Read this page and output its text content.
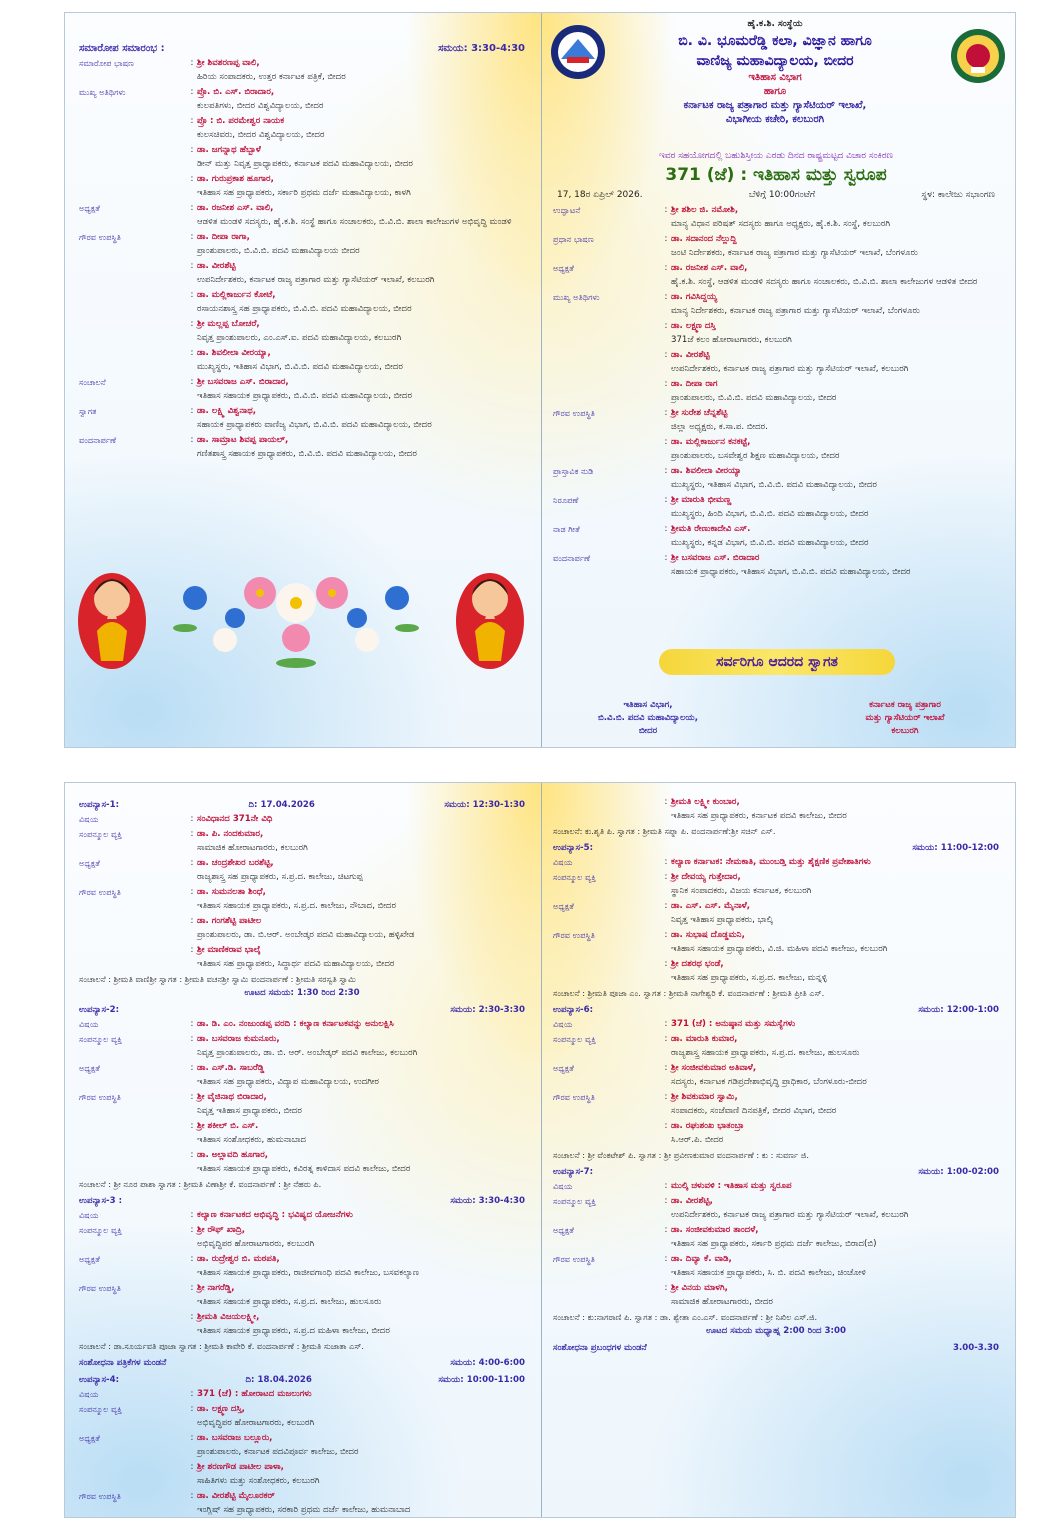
ಸಮಾರೋಪ ಸಮಾರಂಭ :	ಸಮಯ: 3:30-4:30
ಸಮಾರೋಪ ಭಾಷಣ	: ಶ್ರೀ ಶಿವಶರಣಪ್ಪ ವಾಲಿ,
ಹಿರಿಯ ಸಂಪಾದಕರು, ಉತ್ತರ ಕರ್ನಾಟಕ ಪತ್ರಿಕೆ, ಬೀದರ
ಮುಖ್ಯ ಅತಿಥಿಗಳು	: ಪ್ರೊ. ಬಿ. ಎಸ್. ಬಿರಾದಾರ,
ಕುಲಪತಿಗಳು, ಬೀದರ ವಿಶ್ವವಿದ್ಯಾಲಯ, ಬೀದರ
: ಪ್ರೊ : ಬಿ. ಪರಮೇಶ್ವರ ನಾಯಕ
ಕುಲಸಚಿವರು, ಬೀದರ ವಿಶ್ವವಿದ್ಯಾಲಯ, ಬೀದರ
: ಡಾ. ಜಗನ್ನಾಥ ಹೆಬ್ಬಾಳೆ
ಡೀನ್ ಮತ್ತು ನಿವೃತ್ತ ಪ್ರಾಧ್ಯಾಪಕರು, ಕರ್ನಾಟಕ ಪದವಿ ಮಹಾವಿದ್ಯಾಲಯ, ಬೀದರ
: ಡಾ. ಗುರುಪ್ರಕಾಶ ಹೂಗಾರ,
ಇತಿಹಾಸ ಸಹ ಪ್ರಾಧ್ಯಾಪಕರು, ಸರ್ಕಾರಿ ಪ್ರಥಮ ದರ್ಜೆ ಮಹಾವಿದ್ಯಾಲಯ, ಕಾಳಗಿ
ಅಧ್ಯಕ್ಷತೆ	: ಡಾ. ರಜನೀಶ ಎಸ್. ವಾಲಿ,
ಆಡಳಿತ ಮಂಡಳಿ ಸದಸ್ಯರು, ಹೈ.ಕ.ಶಿ. ಸಂಸ್ಥೆ ಹಾಗೂ ಸಂಚಾಲಕರು, ಬಿ.ವಿ.ಬಿ. ಶಾಲಾ ಕಾಲೇಜುಗಳ ಅಭಿವೃದ್ಧಿ ಮಂಡಳಿ
ಗೌರವ ಉಪಸ್ಥಿತಿ	: ಡಾ. ದೀಪಾ ರಾಗಾ,
ಪ್ರಾಂಶುಪಾಲರು, ಬಿ.ವಿ.ಬಿ. ಪದವಿ ಮಹಾವಿದ್ಯಾಲಯ ಬೀದರ
: ಡಾ. ವೀರಶೆಟ್ಟಿ
ಉಪನಿರ್ದೇಶಕರು, ಕರ್ನಾಟಕ ರಾಜ್ಯ ಪತ್ರಾಗಾರ ಮತ್ತು ಗ್ಯಾಸೆಟಿಯರ್ ಇಲಾಖೆ, ಕಲಬುರಗಿ
: ಡಾ. ಮಲ್ಲಿಕಾರ್ಜುನ ಕೋಟೆ,
ರಸಾಯನಶಾಸ್ತ್ರ ಸಹ ಪ್ರಾಧ್ಯಾಪಕರು, ಬಿ.ವಿ.ಬಿ. ಪದವಿ ಮಹಾವಿದ್ಯಾಲಯ, ಬೀದರ
: ಶ್ರೀ ಮಲ್ಲಪ್ಪ ಬೋಚರೆ,
ನಿವೃತ್ತ ಪ್ರಾಂಶುಪಾಲರು, ಎಂ.ಎಸ್.ಐ. ಪದವಿ ಮಹಾವಿದ್ಯಾಲಯ, ಕಲಬುರಗಿ
: ಡಾ. ಶಿವಲೀಲಾ ವೀರಯ್ಯಾ,
ಮುಖ್ಯಸ್ಥರು, ಇತಿಹಾಸ ವಿಭಾಗ, ಬಿ.ವಿ.ಬಿ. ಪದವಿ ಮಹಾವಿದ್ಯಾಲಯ, ಬೀದರ
ಸಂಚಾಲನೆ	: ಶ್ರೀ ಬಸವರಾಜ ಎಸ್. ಬಿರಾದಾರ,
ಇತಿಹಾಸ ಸಹಾಯಕ ಪ್ರಾಧ್ಯಾಪಕರು, ಬಿ.ವಿ.ಬಿ. ಪದವಿ ಮಹಾವಿದ್ಯಾಲಯ, ಬೀದರ
ಸ್ವಾಗತ	: ಡಾ. ಲಕ್ಷ್ಮಿ ವಿಶ್ವನಾಥ,
ಸಹಾಯಕ ಪ್ರಾಧ್ಯಾಪಕರು ವಾಣಿಜ್ಯ ವಿಭಾಗ, ಬಿ.ವಿ.ಬಿ. ಪದವಿ ಮಹಾವಿದ್ಯಾಲಯ, ಬೀದರ
ವಂದನಾರ್ಪಣೆ	: ಡಾ. ಸಾಮ್ರಾಟ ಶಿವಪ್ಪ ಪಾಯಲ್,
ಗಣಿತಶಾಸ್ತ್ರ ಸಹಾಯಕ ಪ್ರಾಧ್ಯಾಪಕರು, ಬಿ.ವಿ.ಬಿ. ಪದವಿ ಮಹಾವಿದ್ಯಾಲಯ, ಬೀದರ
ಹೈ.ಕ.ಶಿ. ಸಂಸ್ಥೆಯ
ಬಿ. ವಿ. ಭೂಮರೆಡ್ಡಿ ಕಲಾ, ವಿಜ್ಞಾನ ಹಾಗೂ
ವಾಣಿಜ್ಯ ಮಹಾವಿದ್ಯಾಲಯ, ಬೀದರ
ಇತಿಹಾಸ ವಿಭಾಗ
ಹಾಗೂ
ಕರ್ನಾಟಕ ರಾಜ್ಯ ಪತ್ರಾಗಾರ ಮತ್ತು ಗ್ಯಾಸೆಟಿಯರ್ ಇಲಾಖೆ,
ವಿಭಾಗೀಯ ಕಚೇರಿ, ಕಲಬುರಗಿ
ಇವರ ಸಹಯೋಗದಲ್ಲಿ ಬಹುಶಿಸ್ತೀಯ ಎರಡು ದಿನದ ರಾಷ್ಟ್ರಮಟ್ಟದ ವಿಚಾರ ಸಂಕಿರಣ
371 (ಜೆ) : ಇತಿಹಾಸ ಮತ್ತು ಸ್ವರೂಪ
17, 18ರ ಏಪ್ರಿಲ್ 2026.	ಬೆಳಿಗ್ಗೆ 10:00ಗಂಟೆಗೆ	ಸ್ಥಳ: ಕಾಲೇಜು ಸಭಾಂಗಣ
ಉದ್ಘಾಟನೆ	: ಶ್ರೀ ಶಶಿಲ ಜಿ. ನಮೋಶಿ,
ಮಾನ್ಯ ವಿಧಾನ ಪರಿಷತ್ ಸದಸ್ಯರು ಹಾಗೂ ಅಧ್ಯಕ್ಷರು, ಹೈ.ಕ.ಶಿ. ಸಂಸ್ಥೆ, ಕಲಬುರಗಿ
ಪ್ರಧಾನ ಭಾಷಣ	: ಡಾ. ಸದಾನಂದ ನೆಲ್ಲುದ್ದಿ
ಜಂಟಿ ನಿರ್ದೇಶಕರು, ಕರ್ನಾಟಕ ರಾಜ್ಯ ಪತ್ರಾಗಾರ ಮತ್ತು ಗ್ಯಾಸೆಟಿಯರ್ ಇಲಾಖೆ, ಬೆಂಗಳೂರು
ಅಧ್ಯಕ್ಷತೆ	: ಡಾ. ರಜನೀಶ ಎಸ್. ವಾಲಿ,
ಹೈ.ಕ.ಶಿ. ಸಂಸ್ಥೆ, ಆಡಳಿತ ಮಂಡಳಿ ಸದಸ್ಯರು ಹಾಗೂ ಸಂಚಾಲಕರು, ಬಿ.ವಿ.ಬಿ. ಶಾಲಾ ಕಾಲೇಜುಗಳ ಆಡಳಿತ ಬೀದರ
ಮುಖ್ಯ ಅತಿಥಿಗಳು	: ಡಾ. ಗವಿಸಿದ್ದಯ್ಯ
ಮಾನ್ಯ ನಿರ್ದೇಶಕರು, ಕರ್ನಾಟಕ ರಾಜ್ಯ ಪತ್ರಾಗಾರ ಮತ್ತು ಗ್ಯಾಸೆಟಿಯರ್ ಇಲಾಖೆ, ಬೆಂಗಳೂರು
: ಡಾ. ಲಕ್ಷ್ಮಣ ದಸ್ತಿ
371ಜೆ ಕಲಂ ಹೋರಾಟಗಾರರು, ಕಲಬುರಗಿ
: ಡಾ. ವೀರಶೆಟ್ಟಿ
ಉಪನಿರ್ದೇಶಕರು, ಕರ್ನಾಟಕ ರಾಜ್ಯ ಪತ್ರಾಗಾರ ಮತ್ತು ಗ್ಯಾಸೆಟಿಯರ್ ಇಲಾಖೆ, ಕಲಬುರಗಿ
: ಡಾ. ದೀಪಾ ರಾಗ
ಪ್ರಾಂಶುಪಾಲರು, ಬಿ.ವಿ.ಬಿ. ಪದವಿ ಮಹಾವಿದ್ಯಾಲಯ, ಬೀದರ
ಗೌರವ ಉಪಸ್ಥಿತಿ	: ಶ್ರೀ ಸುರೇಶ ಚೆನ್ನಶೆಟ್ಟಿ
ಜಿಲ್ಲಾ ಅಧ್ಯಕ್ಷರು, ಕ.ಸಾ.ಪ. ಬೀದರ.
: ಡಾ. ಮಲ್ಲಿಕಾರ್ಜುನ ಕನಕಟ್ಟೆ,
ಪ್ರಾಂಶುಪಾಲರು, ಬಸವೇಶ್ವರ ಶಿಕ್ಷಣ ಮಹಾವಿದ್ಯಾಲಯ, ಬೀದರ
ಪ್ರಾಸ್ತಾವಿಕ ನುಡಿ	: ಡಾ. ಶಿವಲೀಲಾ ವೀರಯ್ಯಾ
ಮುಖ್ಯಸ್ಥರು, ಇತಿಹಾಸ ವಿಭಾಗ, ಬಿ.ವಿ.ಬಿ. ಪದವಿ ಮಹಾವಿದ್ಯಾಲಯ, ಬೀದರ
ನಿರೂಪಣೆ	: ಶ್ರೀ ಮಾರುತಿ ಭೀಮಣ್ಣ
ಮುಖ್ಯಸ್ಥರು, ಹಿಂದಿ ವಿಭಾಗ, ಬಿ.ವಿ.ಬಿ. ಪದವಿ ಮಹಾವಿದ್ಯಾಲಯ, ಬೀದರ
ನಾಡ ಗೀತೆ	: ಶ್ರೀಮತಿ ರೇಣುಕಾದೇವಿ ಎಸ್.
ಮುಖ್ಯಸ್ಥರು, ಕನ್ನಡ ವಿಭಾಗ, ಬಿ.ವಿ.ಬಿ. ಪದವಿ ಮಹಾವಿದ್ಯಾಲಯ, ಬೀದರ
ವಂದನಾರ್ಪಣೆ	: ಶ್ರೀ ಬಸವರಾಜ ಎಸ್. ಬಿರಾದಾರ
ಸಹಾಯಕ ಪ್ರಾಧ್ಯಾಪಕರು, ಇತಿಹಾಸ ವಿಭಾಗ, ಬಿ.ವಿ.ಬಿ. ಪದವಿ ಮಹಾವಿದ್ಯಾಲಯ, ಬೀದರ
ಸರ್ವರಿಗೂ ಆದರದ ಸ್ವಾಗತ
ಇತಿಹಾಸ ವಿಭಾಗ,
ಬಿ.ವಿ.ಬಿ. ಪದವಿ ಮಹಾವಿದ್ಯಾಲಯ,
ಬೀದರ
ಕರ್ನಾಟಕ ರಾಜ್ಯ ಪತ್ರಾಗಾರ
ಮತ್ತು ಗ್ಯಾಸೆಟಿಯರ್ ಇಲಾಖೆ
ಕಲಬುರಗಿ
ಉಪನ್ಯಾಸ-1:	ದಿ: 17.04.2026	ಸಮಯ: 12:30-1:30
ವಿಷಯ	: ಸಂವಿಧಾನದ 371ನೇ ವಿಧಿ
ಸಂಪನ್ಮೂಲ ವ್ಯಕ್ತಿ	: ಡಾ. ಪಿ. ನಂದಕುಮಾರ,
ಸಾಮಾಜಿಕ ಹೋರಾಟಗಾರರು, ಕಲಬುರಗಿ
ಅಧ್ಯಕ್ಷತೆ	: ಡಾ. ಚಂದ್ರಶೇಖರ ಬರಶೆಟ್ಟಿ,
ರಾಜ್ಯಶಾಸ್ತ್ರ ಸಹ ಪ್ರಾಧ್ಯಾಪಕರು, ಸ.ಪ್ರ.ದ. ಕಾಲೇಜು, ಚಿಟಗುಪ್ಪ
ಗೌರವ ಉಪಸ್ಥಿತಿ	: ಡಾ. ಸುಮನಲತಾ ಶಿಂಧೆ,
ಇತಿಹಾಸ ಸಹಾಯಕ ಪ್ರಾಧ್ಯಾಪಕರು, ಸ.ಪ್ರ.ದ. ಕಾಲೇಜು, ನೌಬಾದ, ಬೀದರ
: ಡಾ. ಗಂಗಶೆಟ್ಟಿ ಪಾಟೀಲ
ಪ್ರಾಂಶುಪಾಲರು, ಡಾ. ಬಿ.ಆರ್. ಅಂಬೇಡ್ಕರ ಪದವಿ ಮಹಾವಿದ್ಯಾಲಯ, ಹಳ್ಳಿಖೇಡ
: ಶ್ರೀ ಮಾಣಿಕರಾವ ಭಾಲ್ಕೆ
ಇತಿಹಾಸ ಸಹ ಪ್ರಾಧ್ಯಾಪಕರು, ಸಿದ್ಧಾರ್ಥ ಪದವಿ ಮಹಾವಿದ್ಯಾಲಯ, ಬೀದರ
ಸಂಚಾಲನೆ : ಶ್ರೀಮತಿ ವಾಣಿಶ್ರೀ ಸ್ವಾಗತ : ಶ್ರೀಮತಿ ವಚನಶ್ರೀ ಸ್ವಾಮಿ ವಂದನಾರ್ಪಣೆ : ಶ್ರೀಮತಿ ಸರಸ್ವತಿ ಸ್ವಾಮಿ
ಊಟದ ಸಮಯ: 1:30 ರಿಂದ 2:30
ಉಪನ್ಯಾಸ-2:	ಸಮಯ: 2:30-3:30
ವಿಷಯ	: ಡಾ. ಡಿ. ಎಂ. ನಂಜುಂಡಪ್ಪ ವರದಿ : ಕಲ್ಯಾಣ ಕರ್ನಾಟಕವನ್ನು ಅನುಲಕ್ಷಿಸಿ
ಸಂಪನ್ಮೂಲ ವ್ಯಕ್ತಿ	: ಡಾ. ಬಸವರಾಜ ಕುಮನೂರು,
ನಿವೃತ್ತ ಪ್ರಾಂಶುಪಾಲರು, ಡಾ. ಬಿ. ಆರ್. ಅಂಬೇಡ್ಕರ್ ಪದವಿ ಕಾಲೇಜು, ಕಲಬುರಗಿ
ಅಧ್ಯಕ್ಷತೆ	: ಡಾ. ಎಸ್.ಡಿ. ಸಾಬರೆಡ್ಡಿ
ಇತಿಹಾಸ ಸಹ ಪ್ರಾಧ್ಯಾಪಕರು, ವಿದ್ಯಾಪ ಮಹಾವಿದ್ಯಾಲಯ, ಉದಗೀರ
ಗೌರವ ಉಪಸ್ಥಿತಿ	: ಶ್ರೀ ವೈಜಿನಾಥ ಬಿರಾದಾರ,
ನಿವೃತ್ತ ಇತಿಹಾಸ ಪ್ರಾಧ್ಯಾಪಕರು, ಬೀದರ
: ಶ್ರೀ ಶಕೀಲ್ ಬಿ. ಎಸ್.
ಇತಿಹಾಸ ಸಂಶೋಧಕರು, ಹುಮನಾಬಾದ
: ಡಾ. ಅಲ್ಲಾವದಿ ಹೂಗಾರ,
ಇತಿಹಾಸ ಸಹಾಯಕ ಪ್ರಾಧ್ಯಾಪಕರು, ಕವಿರತ್ನ ಕಾಳಿದಾಸ ಪದವಿ ಕಾಲೇಜು, ಬೀದರ
ಸಂಚಾಲನೆ : ಶ್ರೀ ನೂರ ಪಾಶಾ ಸ್ವಾಗತ : ಶ್ರೀಮತಿ ವಿಣಾಶ್ರೀ ಕೆ. ವಂದನಾರ್ಪಣೆ : ಶ್ರೀ ನೆಹರು ಪಿ.
ಉಪನ್ಯಾಸ-3 :	ಸಮಯ: 3:30-4:30
ವಿಷಯ	: ಕಲ್ಯಾಣ ಕರ್ನಾಟಕದ ಅಭಿವೃದ್ಧಿ : ಭವಿಷ್ಯದ ಯೋಜನೆಗಳು
ಸಂಪನ್ಮೂಲ ವ್ಯಕ್ತಿ	: ಶ್ರೀ ರೌಫ್ ಖಾದ್ರಿ,
ಅಭಿವೃದ್ಧಿಪರ ಹೋರಾಟಗಾರರು, ಕಲಬುರಗಿ
ಅಧ್ಯಕ್ಷತೆ	: ಡಾ. ರುದ್ರೇಶ್ವರ ಬಿ. ಮಠಪತಿ,
ಇತಿಹಾಸ ಸಹಾಯಕ ಪ್ರಾಧ್ಯಾಪಕರು, ರಾಜೀವಗಾಂಧಿ ಪದವಿ ಕಾಲೇಜು, ಬಸವಕಲ್ಯಾಣ
ಗೌರವ ಉಪಸ್ಥಿತಿ	: ಶ್ರೀ ನಾಗರೆಡ್ಡಿ,
ಇತಿಹಾಸ ಸಹಾಯಕ ಪ್ರಾಧ್ಯಾಪಕರು, ಸ.ಪ್ರ.ದ. ಕಾಲೇಜು, ಹುಲಸೂರು
: ಶ್ರೀಮತಿ ವಿಜಯಲಕ್ಷ್ಮೀ,
ಇತಿಹಾಸ ಸಹಾಯಕ ಪ್ರಾಧ್ಯಾಪಕರು, ಸ.ಪ್ರ.ದ ಮಹಿಳಾ ಕಾಲೇಜು, ಬೀದರ
ಸಂಚಾಲನೆ : ಡಾ.ಸೂರ್ಯವತಿ ಪೂಜಾ ಸ್ವಾಗತ : ಶ್ರೀಮತಿ ಕಾವೇರಿ ಕೆ. ವಂದನಾರ್ಪಣೆ : ಶ್ರೀಮತಿ ಸುಜಾತಾ ಎಸ್.
ಸಂಶೋಧನಾ ಪತ್ರಿಕೆಗಳ ಮಂಡನೆ	ಸಮಯ: 4:00-6:00
ಉಪನ್ಯಾಸ-4:	ದಿ: 18.04.2026	ಸಮಯ: 10:00-11:00
ವಿಷಯ	: 371 (ಜೆ) : ಹೋರಾಟದ ಮಜಲುಗಳು
ಸಂಪನ್ಮೂಲ ವ್ಯಕ್ತಿ	: ಡಾ. ಲಕ್ಷ್ಮಣ ದಸ್ತಿ,
ಅಭಿವೃದ್ಧಿಪರ ಹೋರಾಟಗಾರರು, ಕಲಬುರಗಿ
ಅಧ್ಯಕ್ಷತೆ	: ಡಾ. ಬಸವರಾಜ ಬಲ್ಲೂರು,
ಪ್ರಾಂಶುಪಾಲರು, ಕರ್ನಾಟಕ ಪದವಿಪೂರ್ವ ಕಾಲೇಜು, ಬೀದರ
: ಶ್ರೀ ಶರಣಗೌಡ ಪಾಟೀಲ ಪಾಳಾ,
ಸಾಹಿತಿಗಳು ಮತ್ತು ಸಂಶೋಧಕರು, ಕಲಬುರಗಿ
ಗೌರವ ಉಪಸ್ಥಿತಿ	: ಡಾ. ವೀರಶೆಟ್ಟಿ ಮೈಲೂರಕರ್
ಇಂಗ್ಲಿಷ್ ಸಹ ಪ್ರಾಧ್ಯಾಪಕರು, ಸರಕಾರಿ ಪ್ರಥಮ ದರ್ಜೆ ಕಾಲೇಜು, ಹುಮನಾಬಾದ
: ಶ್ರೀಮತಿ ಲಕ್ಷ್ಮೀ ಕುಂಬಾರ,
ಇತಿಹಾಸ ಸಹ ಪ್ರಾಧ್ಯಾಪಕರು, ಕರ್ನಾಟಕ ಪದವಿ ಕಾಲೇಜು, ಬೀದರ
ಸಂಚಾಲನೆ: ಕು.ಶೃತಿ ಪಿ. ಸ್ವಾಗತ : ಶ್ರೀಮತಿ ಸಪ್ನಾ ಪಿ. ವಂದನಾರ್ಪಣೆ:ಶ್ರೀ ಸಚಿನ್ ಎಸ್.
ಉಪನ್ಯಾಸ-5:	ಸಮಯ: 11:00-12:00
ವಿಷಯ	: ಕಲ್ಯಾಣ ಕರ್ನಾಟಕ: ನೇಮಕಾತಿ, ಮುಂಬಡ್ತಿ ಮತ್ತು ಶೈಕ್ಷಣಿಕ ಪ್ರವೇಶಾತಿಗಳು
ಸಂಪನ್ಮೂಲ ವ್ಯಕ್ತಿ	: ಶ್ರೀ ದೇವಯ್ಯ ಗುತ್ತೇದಾರ,
ಸ್ಥಾನಿಕ ಸಂಪಾದಕರು, ವಿಜಯ ಕರ್ನಾಟಕ, ಕಲಬುರಗಿ
ಅಧ್ಯಕ್ಷತೆ	: ಡಾ. ಎಸ್. ಎಸ್. ಮೈನಾಳೆ,
ನಿವೃತ್ತ ಇತಿಹಾಸ ಪ್ರಾಧ್ಯಾಪಕರು, ಭಾಲ್ಕಿ
ಗೌರವ ಉಪಸ್ಥಿತಿ	: ಡಾ. ಸುಭಾಷ ದೊಡ್ಡಮನಿ,
ಇತಿಹಾಸ ಸಹಾಯಕ ಪ್ರಾಧ್ಯಾಪಕರು, ವಿ.ಜಿ. ಮಹಿಳಾ ಪದವಿ ಕಾಲೇಜು, ಕಲಬುರಗಿ
: ಶ್ರೀ ದಶರಥ ಭಂಡೆ,
ಇತಿಹಾಸ ಸಹ ಪ್ರಾಧ್ಯಾಪಕರು, ಸ.ಪ್ರ.ದ. ಕಾಲೇಜು, ಮನ್ನಳ್ಳಿ
ಸಂಚಾಲನೆ : ಶ್ರೀಮತಿ ಪೂಜಾ ಎಂ. ಸ್ವಾಗತ : ಶ್ರೀಮತಿ ನಾಗೇಶ್ವರಿ ಕೆ. ವಂದನಾರ್ಪಣೆ : ಶ್ರೀಮತಿ ಪ್ರೀತಿ ಎಸ್.
ಉಪನ್ಯಾಸ-6:	ಸಮಯ: 12:00-1:00
ವಿಷಯ	: 371 (ಜೆ) : ಅನುಷ್ಠಾನ ಮತ್ತು ಸಮಸ್ಯೆಗಳು
ಸಂಪನ್ಮೂಲ ವ್ಯಕ್ತಿ	: ಡಾ. ಮಾರುತಿ ಕುಮಾರ,
ರಾಜ್ಯಶಾಸ್ತ್ರ ಸಹಾಯಕ ಪ್ರಾಧ್ಯಾಪಕರು, ಸ.ಪ್ರ.ದ. ಕಾಲೇಜು, ಹುಲಸೂರು
ಅಧ್ಯಕ್ಷತೆ	: ಶ್ರೀ ಸಂಜೀವಕುಮಾರ ಅತಿವಾಳೆ,
ಸದಸ್ಯರು, ಕರ್ನಾಟಕ ಗಡಿಪ್ರದೇಶಾಭಿವೃದ್ಧಿ ಪ್ರಾಧಿಕಾರ, ಬೆಂಗಳೂರು-ಬೀದರ
ಗೌರವ ಉಪಸ್ಥಿತಿ	: ಶ್ರೀ ಶಿವಕುಮಾರ ಸ್ವಾಮಿ,
ಸಂಪಾದಕರು, ಸಂಜೆವಾಣಿ ದಿನಪತ್ರಿಕೆ, ಬೀದರ ವಿಭಾಗ, ಬೀದರ
: ಡಾ. ರಘುಶಂಖ ಭಾತಂಬ್ರಾ
ಸಿ.ಆರ್.ಪಿ. ಬೀದರ
ಸಂಚಾಲನೆ : ಶ್ರೀ ವೆಂಕಟೇಶ್ ಪಿ. ಸ್ವಾಗತ : ಶ್ರೀ ಪ್ರವೀಣಕುಮಾರ ವಂದನಾರ್ಪಣೆ : ಕು : ಸುವರ್ಣ ಜಿ.
ಉಪನ್ಯಾಸ-7:	ಸಮಯ: 1:00-02:00
ವಿಷಯ	: ಮುಲ್ಕಿ ಚಳುವಳಿ : ಇತಿಹಾಸ ಮತ್ತು ಸ್ವರೂಪ
ಸಂಪನ್ಮೂಲ ವ್ಯಕ್ತಿ	: ಡಾ. ವೀರಶೆಟ್ಟಿ,
ಉಪನಿರ್ದೇಶಕರು, ಕರ್ನಾಟಕ ರಾಜ್ಯ ಪತ್ರಾಗಾರ ಮತ್ತು ಗ್ಯಾಸೆಟಿಯರ್ ಇಲಾಖೆ, ಕಲಬುರಗಿ
ಅಧ್ಯಕ್ಷತೆ	: ಡಾ. ಸಂಜೀವಕುಮಾರ ತಾಂದಳೆ,
ಇತಿಹಾಸ ಸಹ ಪ್ರಾಧ್ಯಾಪಕರು, ಸರ್ಕಾರಿ ಪ್ರಥಮ ದರ್ಜೆ ಕಾಲೇಜು, ಬಿರಾದ(ಬಿ)
ಗೌರವ ಉಪಸ್ಥಿತಿ	: ಡಾ. ದಿವ್ಯಾ ಕೆ. ವಾಡಿ,
ಇತಿಹಾಸ ಸಹಾಯಕ ಪ್ರಾಧ್ಯಾಪಕರು, ಸಿ. ಬಿ. ಪದವಿ ಕಾಲೇಜು, ಚಿಂಚೋಳಿ
: ಶ್ರೀ ವಿನಯ ಮಾಳಗಿ,
ಸಾಮಾಜಿಕ ಹೋರಾಟಗಾರರು, ಬೀದರ
ಸಂಚಾಲನೆ : ಕು:ನಾಗರಾಣಿ ಪಿ. ಸ್ವಾಗತ : ಡಾ. ಶ್ವೇತಾ ಎಂ.ಎಸ್. ವಂದನಾರ್ಪಣೆ : ಶ್ರೀ ನಿಖಿಲ ಎಸ್.ಜಿ.
ಊಟದ ಸಮಯ ಮಧ್ಯಾಹ್ನ 2:00 ರಿಂದ 3:00
ಸಂಶೋಧನಾ ಪ್ರಬಂಧಗಳ ಮಂಡನೆ	3.00-3.30
